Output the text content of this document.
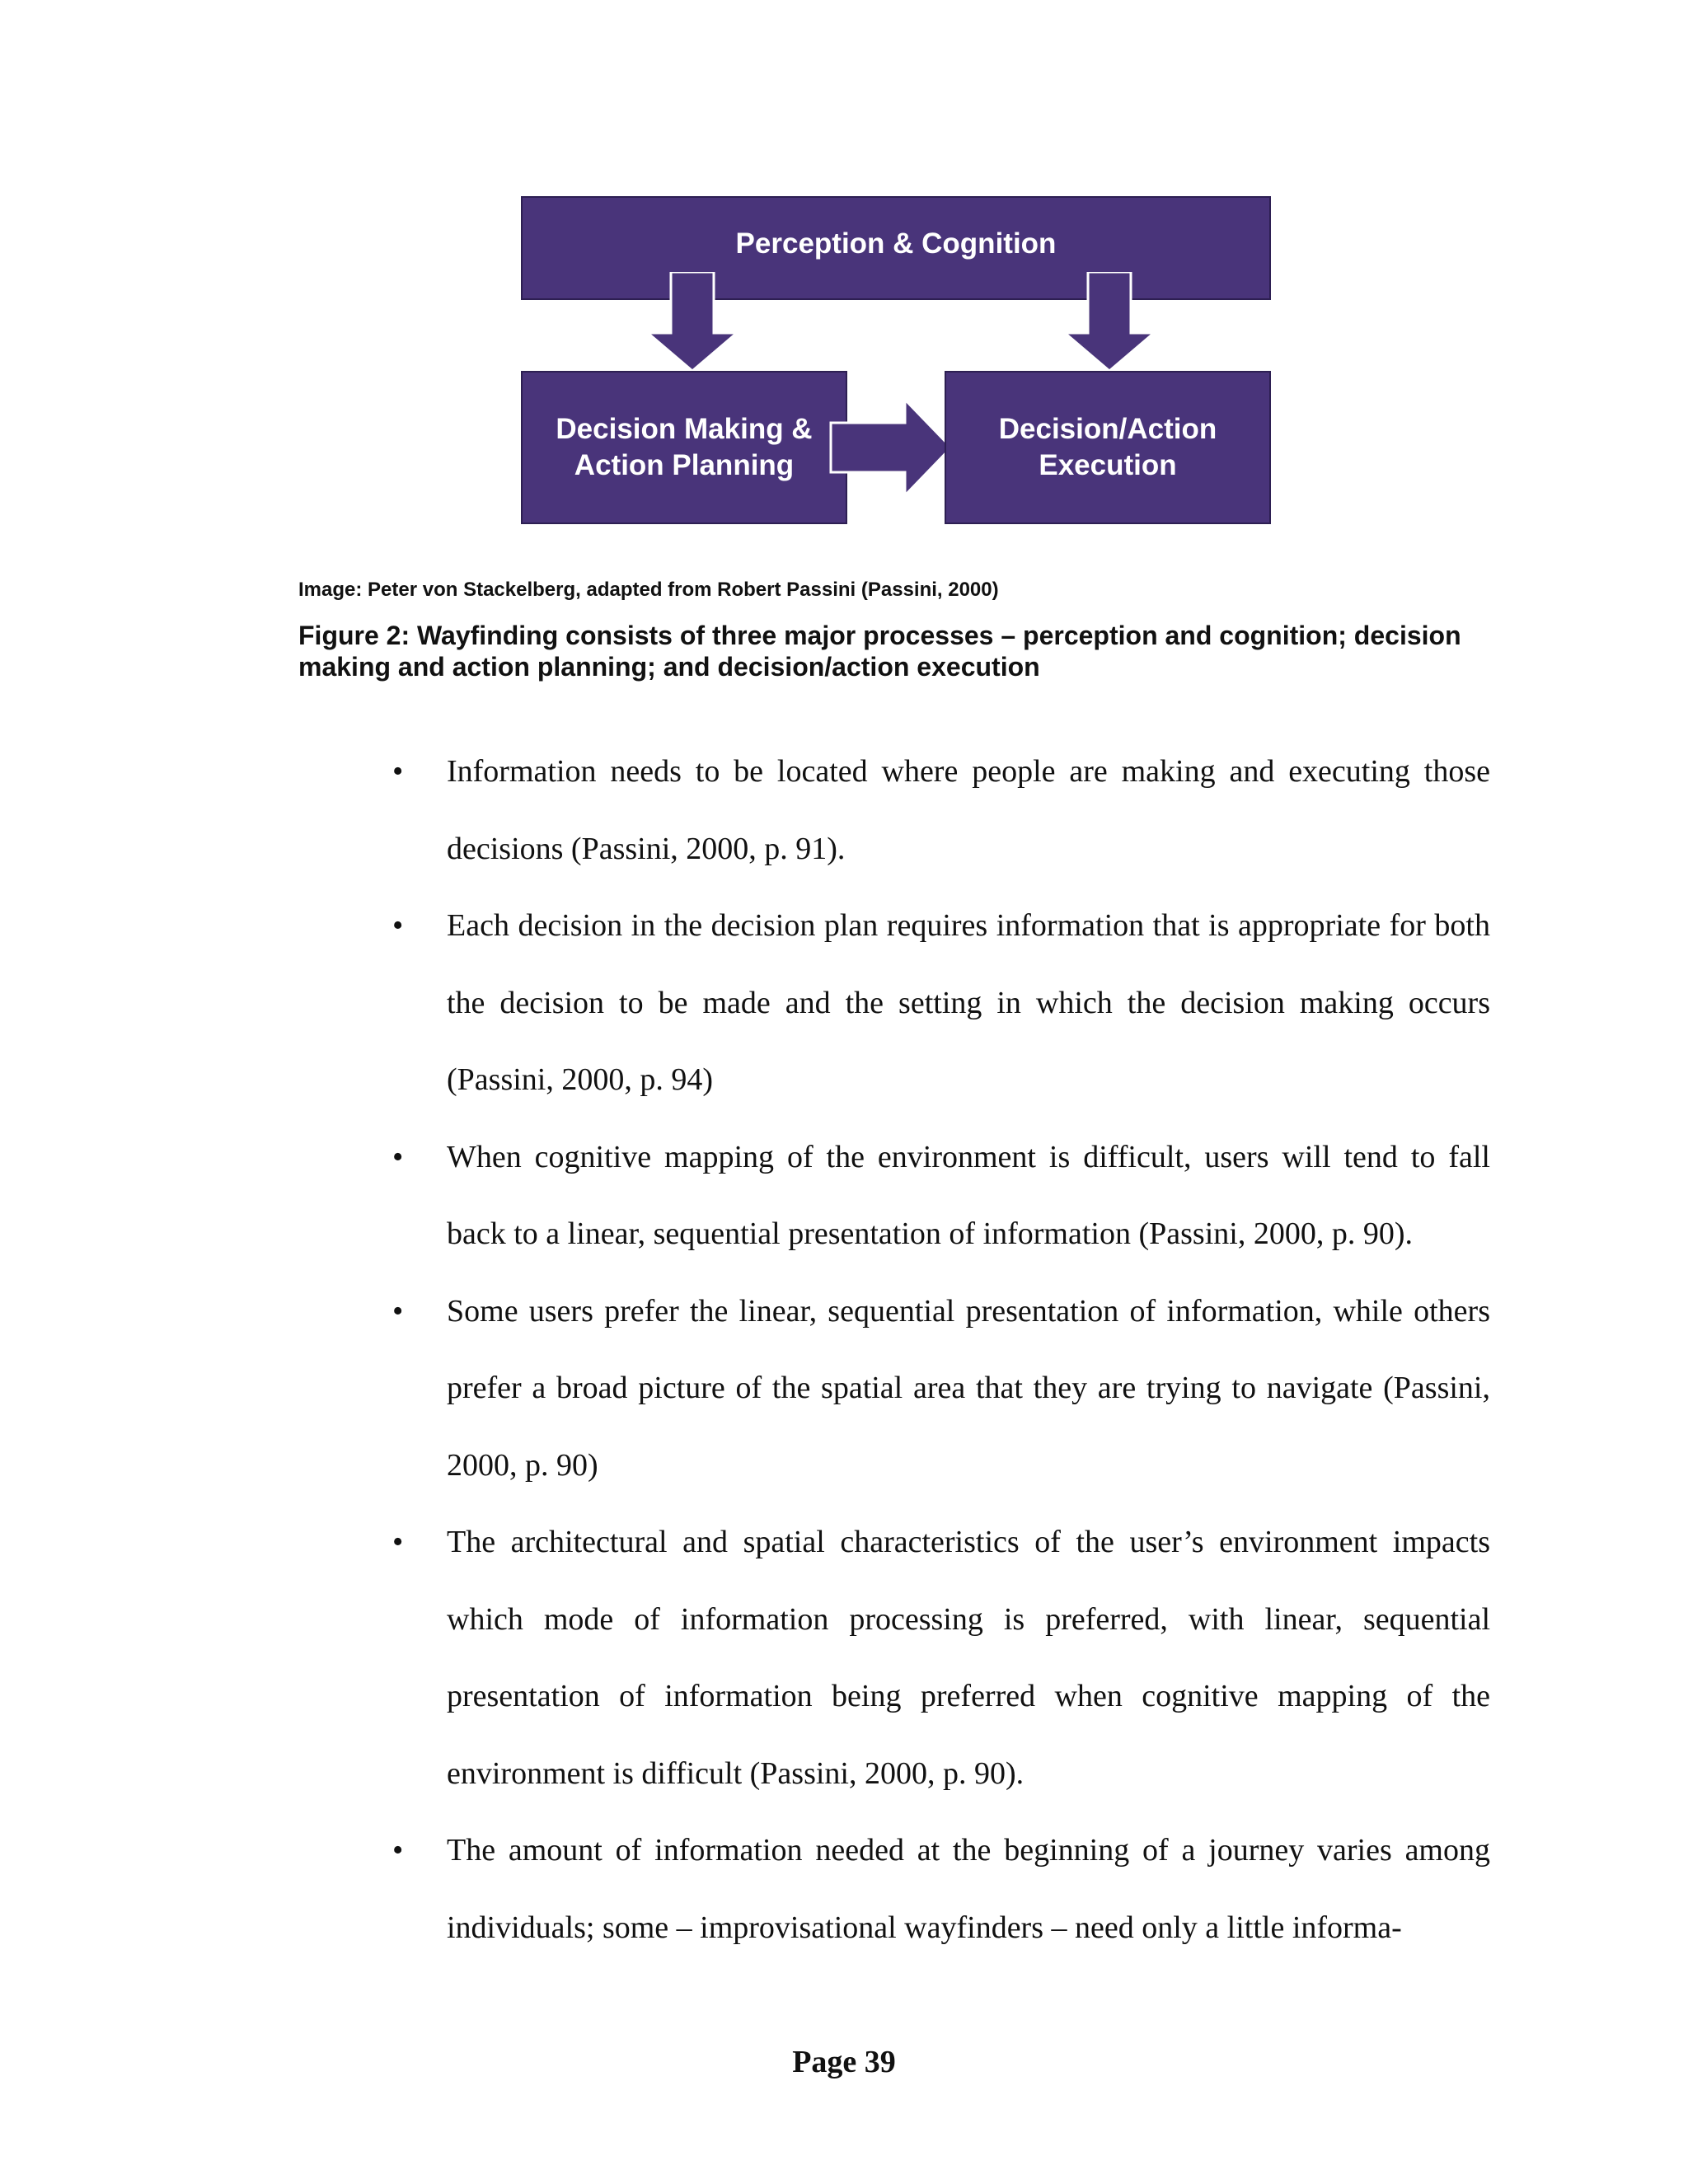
Perception & Cognition
Decision Making &
Action Planning
Decision/Action
Execution
Image: Peter von Stackelberg, adapted from Robert Passini (Passini, 2000)
Figure 2: Wayfinding consists of three major processes – perception and cognition; decision making and action planning; and decision/action execution
• Information needs to be located where people are making and executing those decisions (Passini, 2000, p. 91).
• Each decision in the decision plan requires information that is appropriate for both the decision to be made and the setting in which the decision making occurs (Passini, 2000, p. 94)
• When cognitive mapping of the environment is difficult, users will tend to fall back to a linear, sequential presentation of information (Passini, 2000, p. 90).
• Some users prefer the linear, sequential presentation of information, while others prefer a broad picture of the spatial area that they are trying to navigate (Passini, 2000, p. 90)
• The architectural and spatial characteristics of the user’s environment impacts which mode of information processing is preferred, with linear, sequential presentation of information being preferred when cognitive mapping of the environment is difficult (Passini, 2000, p. 90).
• The amount of information needed at the beginning of a journey varies among individuals; some – improvisational wayfinders – need only a little informa-
Page 39
